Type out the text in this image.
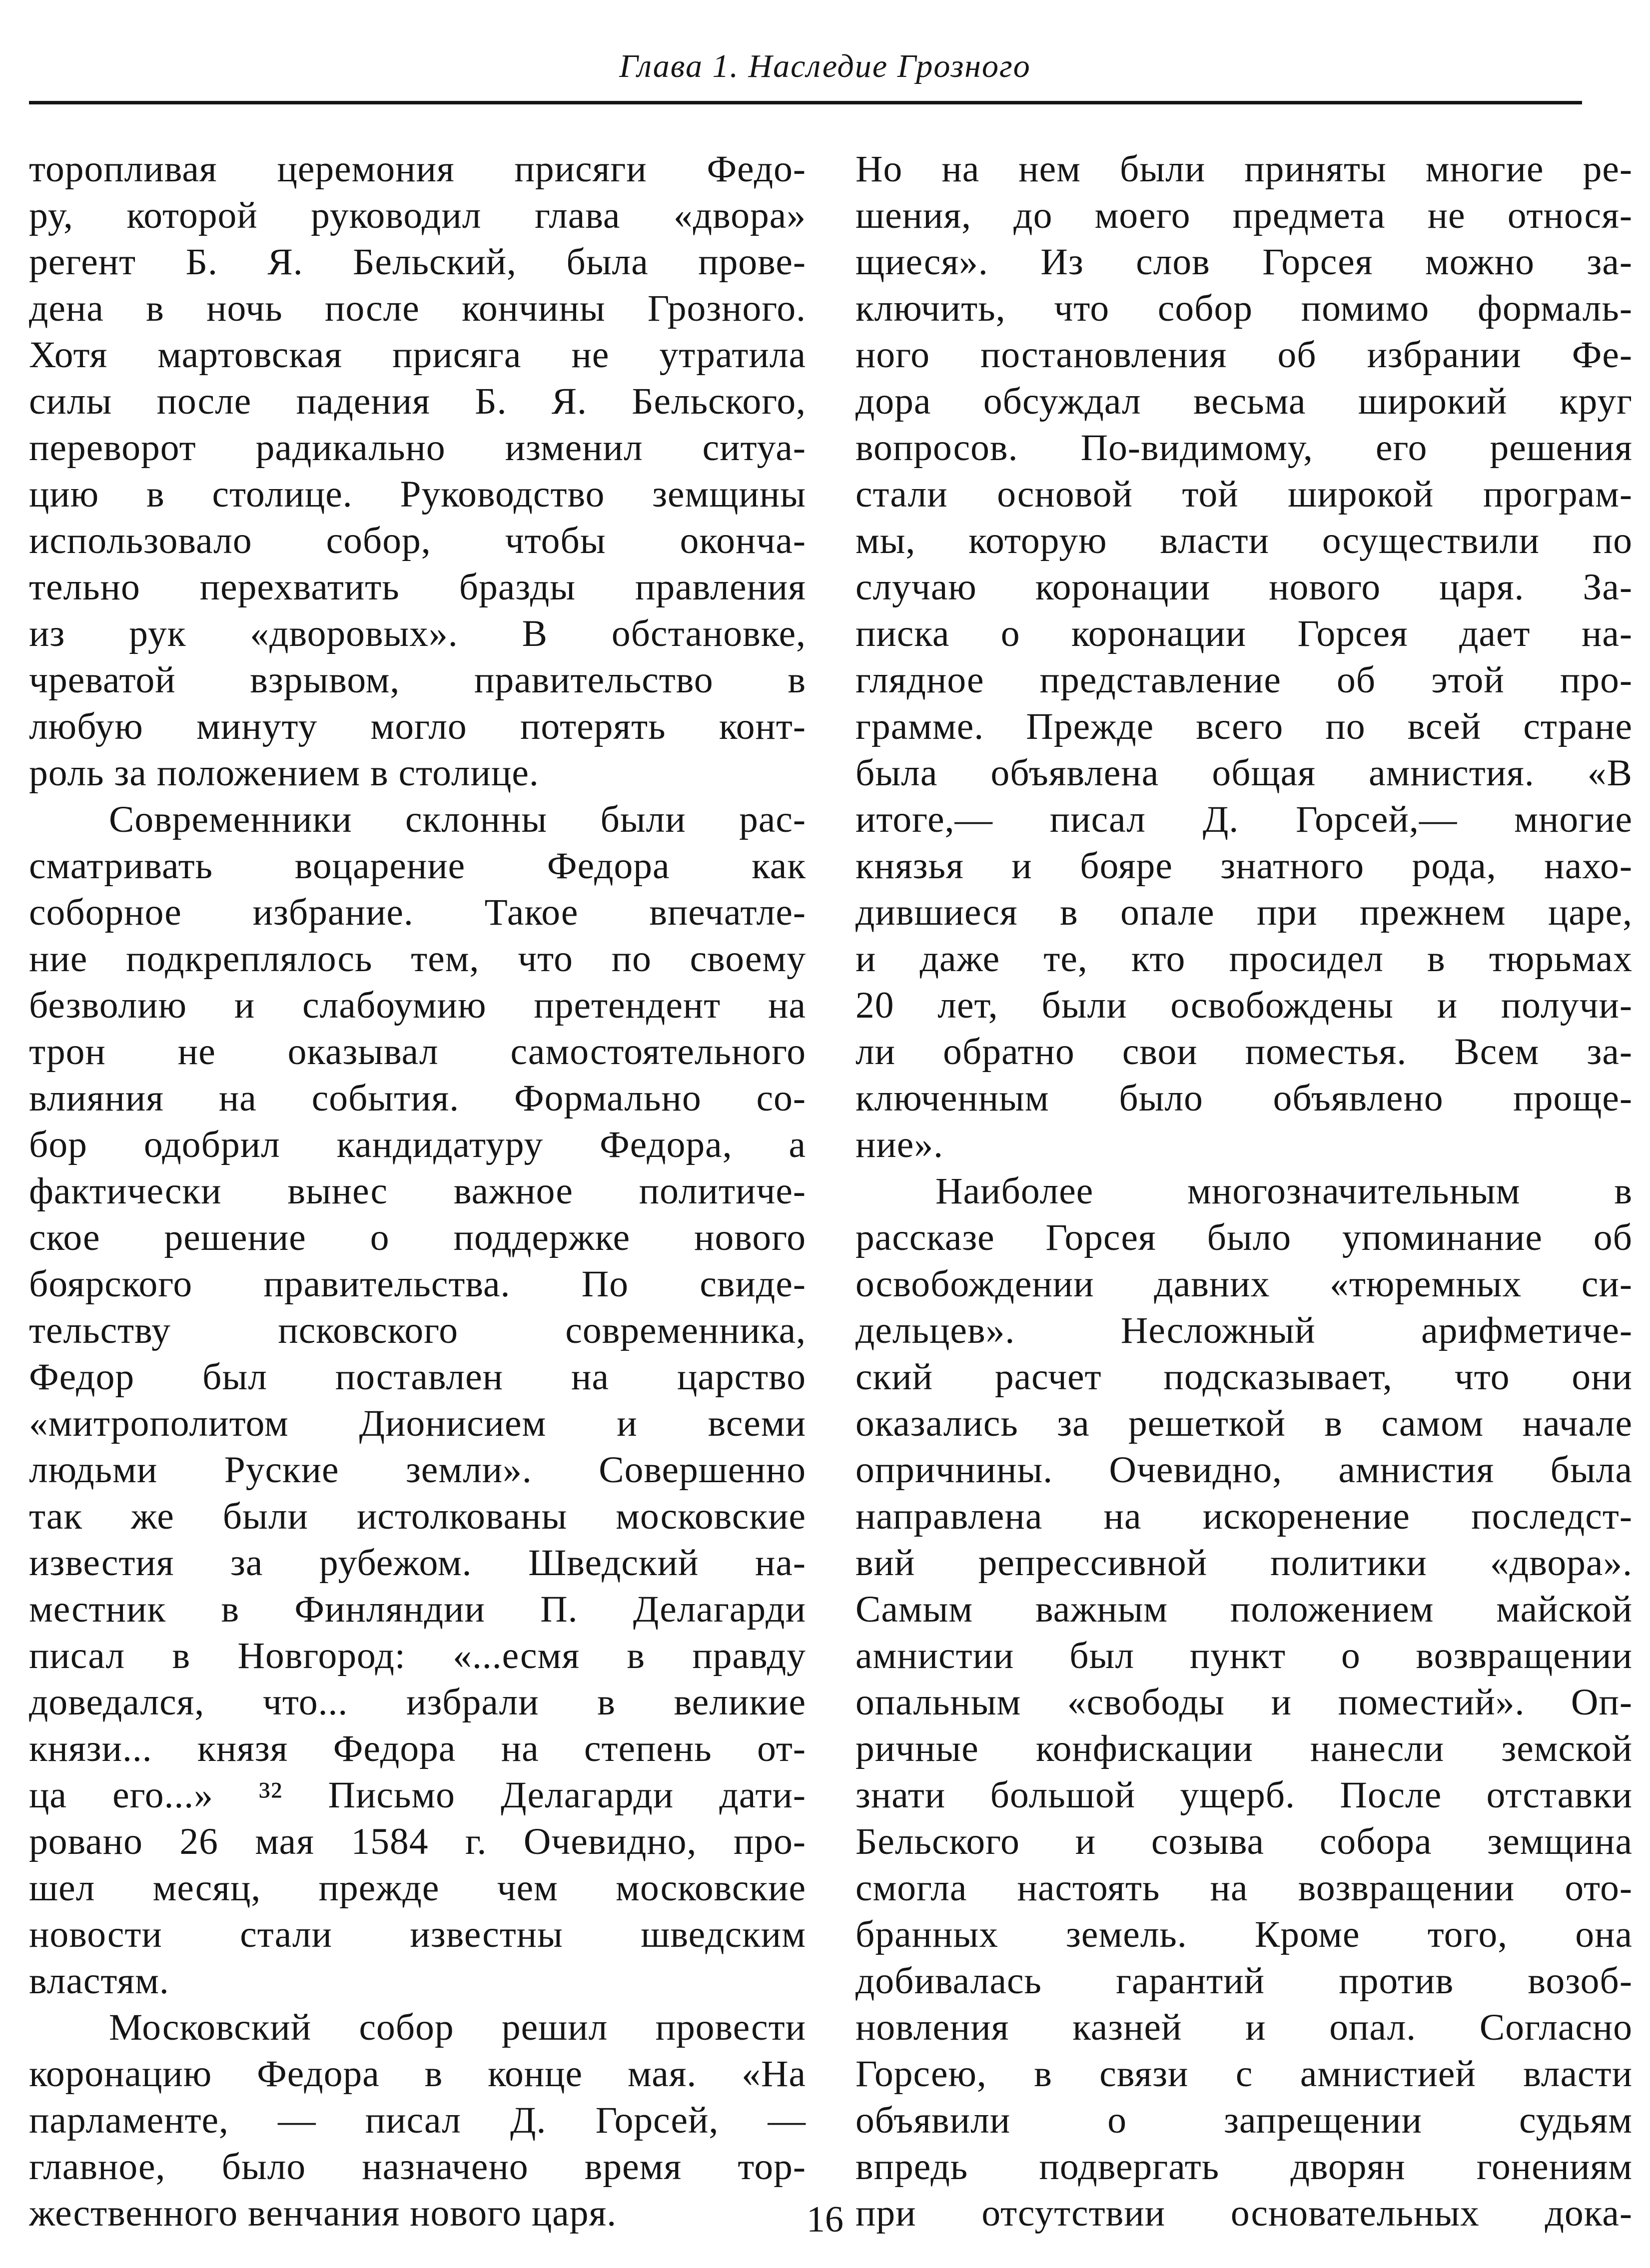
Глава 1. Наследие Грозного
торопливая церемония присяги Федо-
ру, которой руководил глава «двора»
регент Б. Я. Бельский, была прове-
дена в ночь после кончины Грозного.
Хотя мартовская присяга не утратила
силы после падения Б. Я. Бельского,
переворот радикально изменил ситуа-
цию в столице. Руководство земщины
использовало собор, чтобы оконча-
тельно перехватить бразды правления
из рук «дворовых». В обстановке,
чреватой взрывом, правительство в
любую минуту могло потерять конт-
роль за положением в столице.
Современники склонны были рас-
сматривать воцарение Федора как
соборное избрание. Такое впечатле-
ние подкреплялось тем, что по своему
безволию и слабоумию претендент на
трон не оказывал самостоятельного
влияния на события. Формально со-
бор одобрил кандидатуру Федора, а
фактически вынес важное политиче-
ское решение о поддержке нового
боярского правительства. По свиде-
тельству псковского современника,
Федор был поставлен на царство
«митрополитом Дионисием и всеми
людьми Руские земли». Совершенно
так же были истолкованы московские
известия за рубежом. Шведский на-
местник в Финляндии П. Делагарди
писал в Новгород: «...есмя в правду
доведался, что... избрали в великие
князи... князя Федора на степень от-
ца его...» ³² Письмо Делагарди дати-
ровано 26 мая 1584 г. Очевидно, про-
шел месяц, прежде чем московские
новости стали известны шведским
властям.
Московский собор решил провести
коронацию Федора в конце мая. «На
парламенте, — писал Д. Горсей, —
главное, было назначено время тор-
жественного венчания нового царя.
Но на нем были приняты многие ре-
шения, до моего предмета не относя-
щиеся». Из слов Горсея можно за-
ключить, что собор помимо формаль-
ного постановления об избрании Фе-
дора обсуждал весьма широкий круг
вопросов. По-видимому, его решения
стали основой той широкой програм-
мы, которую власти осуществили по
случаю коронации нового царя. За-
писка о коронации Горсея дает на-
глядное представление об этой про-
грамме. Прежде всего по всей стране
была объявлена общая амнистия. «В
итоге,— писал Д. Горсей,— многие
князья и бояре знатного рода, нахо-
дившиеся в опале при прежнем царе,
и даже те, кто просидел в тюрьмах
20 лет, были освобождены и получи-
ли обратно свои поместья. Всем за-
ключенным было объявлено проще-
ние».
Наиболее многозначительным в
рассказе Горсея было упоминание об
освобождении давних «тюремных си-
дельцев». Несложный арифметиче-
ский расчет подсказывает, что они
оказались за решеткой в самом начале
опричнины. Очевидно, амнистия была
направлена на искоренение последст-
вий репрессивной политики «двора».
Самым важным положением майской
амнистии был пункт о возвращении
опальным «свободы и поместий». Оп-
ричные конфискации нанесли земской
знати большой ущерб. После отставки
Бельского и созыва собора земщина
смогла настоять на возвращении ото-
бранных земель. Кроме того, она
добивалась гарантий против возоб-
новления казней и опал. Согласно
Горсею, в связи с амнистией власти
объявили о запрещении судьям
впредь подвергать дворян гонениям
при отсутствии основательных дока-
16
